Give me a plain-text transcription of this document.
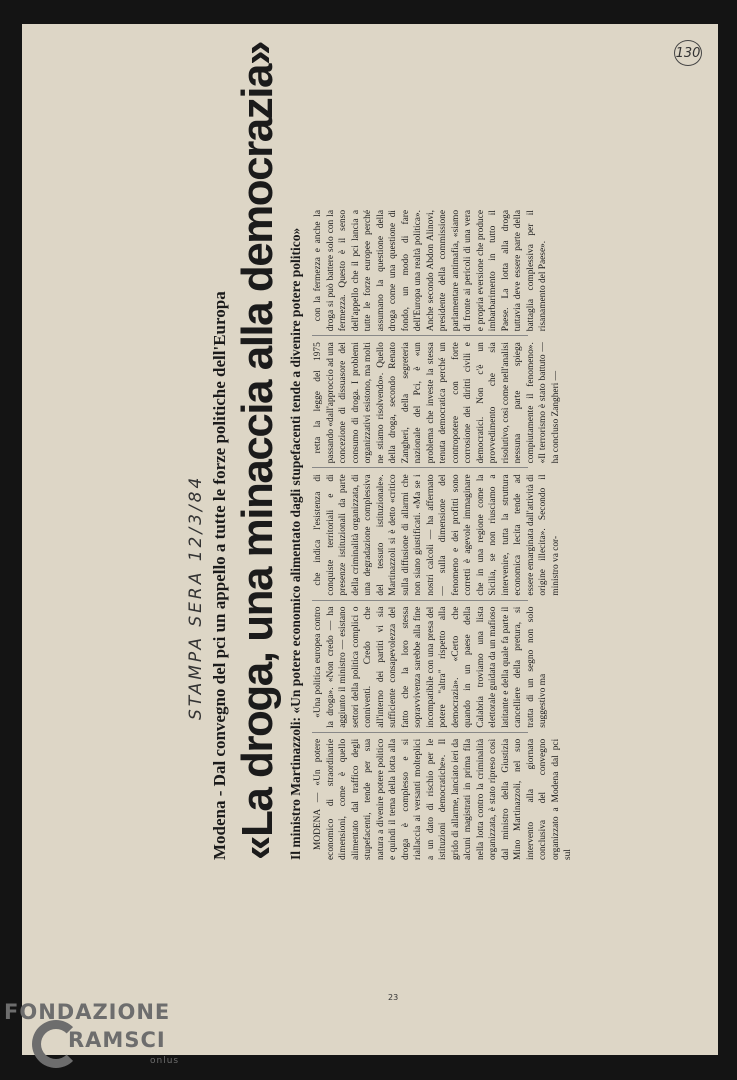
130
STAMPA SERA 12/3/84 Modena - Dal convegno del pci un appello a tutte le forze politiche dell'Europa «La droga, una minaccia alla democrazia» Il ministro Martinazzoli: «Un potere economico alimentato dagli stupefacenti tende a divenire potere politico» MODENA — «Un potere economico di straordinarie dimensioni, come è quello alimentato dal traffico degli stupefacenti, tende per sua natura a divenire potere politico e quindi il tema della lotta alla droga è complesso e si riallaccia ai versanti molteplici a un dato di rischio per le istituzioni democratiche». Il grido di allarme, lanciato ieri da alcuni magistrati in prima fila nella lotta contro la criminalità organizzata, è stato ripreso così dal ministro della Giustizia Mino Martinazzoli, nel suo intervento alla giornata conclusiva del convegno organizzato a Modena dal pci sul

«Una politica europea contro la droga». «Non credo — ha aggiunto il ministro — esistano settori della politica complici o conniventi. Credo che all'interno dei partiti vi sia sufficiente consapevolezza del fatto che la loro stessa sopravvivenza sarebbe alla fine incompatibile con una presa del potere "altra" rispetto alla democrazia». «Certo che quando in un paese della Calabria troviamo una lista elettorale guidata da un mafioso latitante e della quale fa parte il cancelliere della pretura, si tratta di un segno non solo suggestivo ma

che indica l'esistenza di conquiste territoriali e di presenze istituzionali da parte della criminalità organizzata, di una degradazione complessiva del tessuto istituzionale». Martinazzoli si è detto «critico sulla diffusione di allarmi che non siano giustificati. «Ma se i nostri calcoli — ha affermato — sulla dimensione del fenomeno e dei profitti sono corretti è agevole immaginare che in una regione come la Sicilia, se non riusciamo a intervenire, tutta la struttura economica lecita tende ad essere emarginata dall'attività di origine illecita». Secondo il ministro va cor-

retta la legge del 1975 passando «dall'approccio ad una concezione di dissuasore del consumo di droga. I problemi organizzativi esistono, ma molti ne stiamo risolvendo». Quello della droga, secondo Renato Zangheri, della segreteria nazionale del Pci, è «un problema che investe la stessa tenuta democratica perché un contropotere con forte corrosione dei diritti civili e democratici. Non c'è un provvedimento che sia risolutivo, così come nell'analisi nessuna parte spiega compiutamente il fenomeno». «Il terrorismo è stato battuto — ha concluso Zangheri —

con la fermezza e anche la droga si può battere solo con la fermezza. Questo è il senso dell'appello che il pci lancia a tutte le forze europee perché assumano la questione della droga come una questione di fondo, un modo di fare dell'Europa una realtà politica». Anche secondo Abdon Alinovi, presidente della commissione parlamentare antimafia, «siamo di fronte ai pericoli di una vera e propria eversione che produce imbarbarimento in tutto il Paese. La lotta alla droga tuttavia deve essere parte della battaglia complessiva per il risanamento del Paese».

23
FONDAZIONE
RAMSCI
onlus
